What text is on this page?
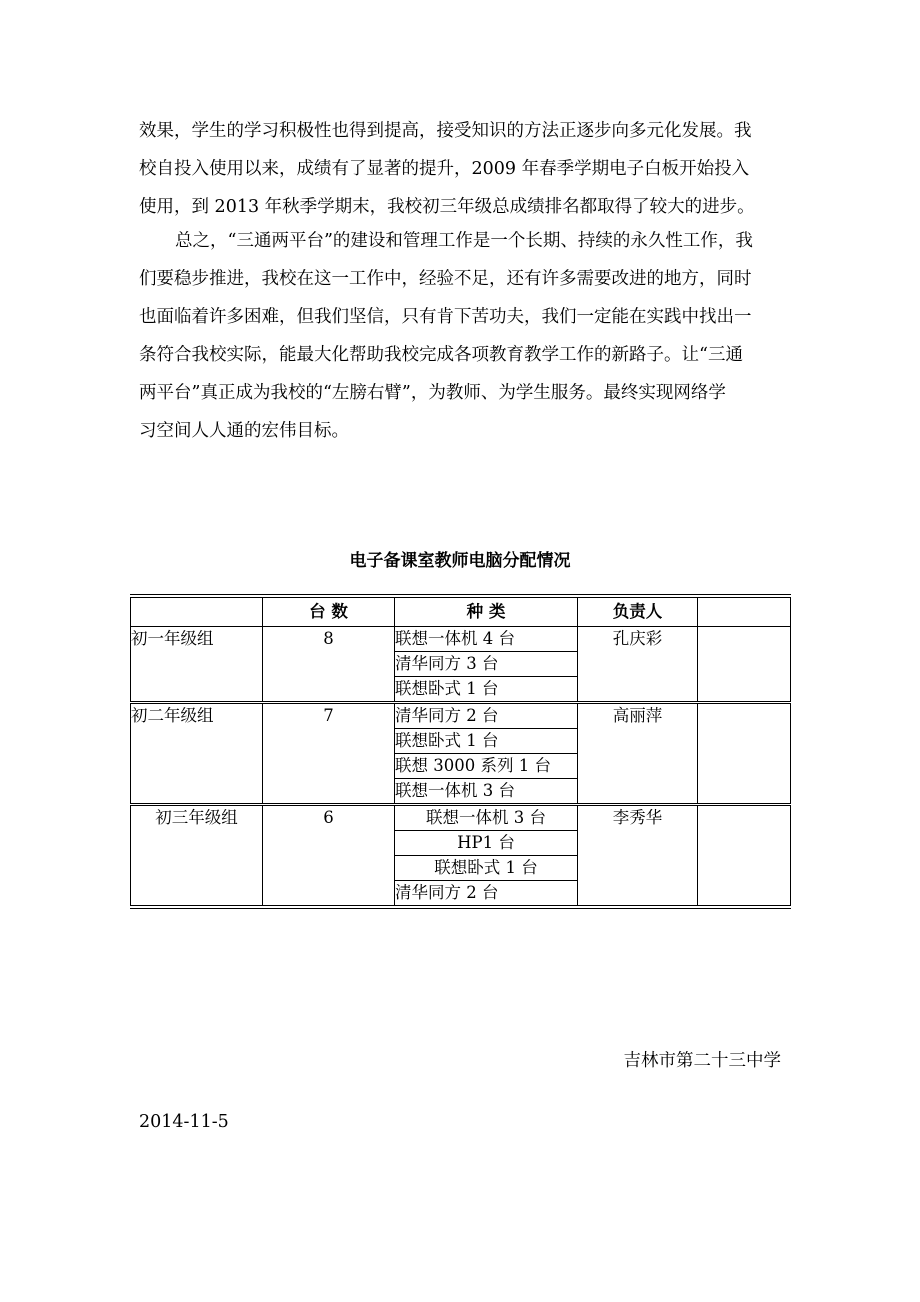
效果，学生的学习积极性也得到提高，接受知识的方法正逐步向多元化发展。我
校自投入使用以来，成绩有了显著的提升，2009 年春季学期电子白板开始投入
使用，到 2013 年秋季学期末，我校初三年级总成绩排名都取得了较大的进步。
总之，“三通两平台”的建设和管理工作是一个长期、持续的永久性工作，我
们要稳步推进，我校在这一工作中，经验不足，还有许多需要改进的地方，同时
也面临着许多困难，但我们坚信，只有肯下苦功夫，我们一定能在实践中找出一
条符合我校实际，能最大化帮助我校完成各项教育教学工作的新路子。让“三通
两平台”真正成为我校的“左膀右臂”，为教师、为学生服务。最终实现网络学
习空间人人通的宏伟目标。
电子备课室教师电脑分配情况
	台 数	种 类	负责人	
初一年级组	8	联想一体机 4 台	孔庆彩	
		清华同方 3 台		
		联想卧式 1 台		
初二年级组	7	清华同方 2 台	高丽萍	
		联想卧式 1 台		
		联想 3000 系列 1 台		
		联想一体机 3 台		
初三年级组	6	联想一体机 3 台	李秀华	
		HP1 台		
		联想卧式 1 台		
		清华同方 2 台		
吉林市第二十三中学
2014-11-5
